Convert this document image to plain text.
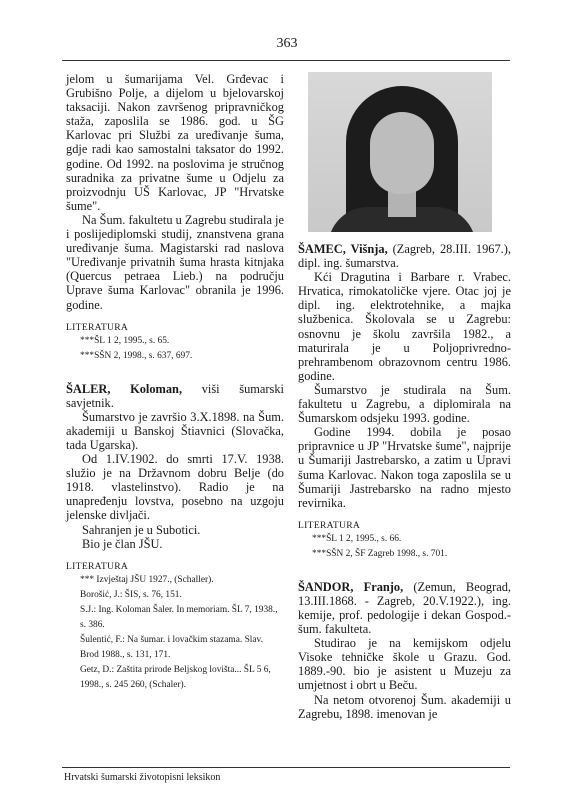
363

jelom u šumarijama Vel. Grđevac i Grubišno Polje, a dijelom u bjelovarskoj taksaciji. Nakon završenog pripravničkog staža, zaposlila se 1986. god. u ŠG Karlovac pri Službi za uređivanje šuma, gdje radi kao samostalni taksator do 1992. godine. Od 1992. na poslovima je stručnog suradnika za privatne šume u Odjelu za proizvodnju UŠ Karlovac, JP "Hrvatske šume".

Na Šum. fakultetu u Zagrebu studirala je i poslijediplomski studij, znanstvena grana uređivanje šuma. Magistarski rad naslova "Uređivanje privatnih šuma hrasta kitnjaka (Quercus petraea Lieb.) na području Uprave šuma Karlovac" obranila je 1996. godine.

LITERATURA
***ŠL 1 2, 1995., s. 65.
***SŠN 2, 1998., s. 637, 697.

ŠALER, Koloman, viši šumarski savjetnik.

Šumarstvo je završio 3.X.1898. na Šum. akademiji u Banskoj Štiavnici (Slovačka, tada Ugarska).

Od 1.IV.1902. do smrti 17.V. 1938. služio je na Državnom dobru Belje (do 1918. vlastelinstvo). Radio je na unapređenju lovstva, posebno na uzgoju jelenske divljači.

Sahranjen je u Subotici.

Bio je član JŠU.

LITERATURA
*** Izvještaj JŠU 1927., (Schaller).
Borošić, J.: ŠIS, s. 76, 151.
S.J.: Ing. Koloman Šaler. In memoriam. ŠL 7, 1938., s. 386.
Šulentić, F.: Na šumar. i lovačkim stazama. Slav. Brod 1988., s. 131, 171.
Getz, D.: Zaštita prirode Beljskog lovišta... ŠL 5 6, 1998., s. 245 260, (Schaler).

ŠAMEC, Višnja, (Zagreb, 28.III. 1967.), dipl. ing. šumarstva.

Kći Dragutina i Barbare r. Vrabec. Hrvatica, rimokatoličke vjere. Otac joj je dipl. ing. elektrotehnike, a majka službenica. Školovala se u Zagrebu: osnovnu je školu završila 1982., a maturirala je u Poljoprivredno-prehrambenom obrazovnom centru 1986. godine.

Šumarstvo je studirala na Šum. fakultetu u Zagrebu, a diplomirala na Šumarskom odsjeku 1993. godine.

Godine 1994. dobila je posao pripravnice u JP "Hrvatske šume", najprije u Šumariji Jastrebarsko, a zatim u Upravi šuma Karlovac. Nakon toga zaposlila se u Šumariji Jastrebarsko na radno mjesto revirnika.

LITERATURA
***ŠL 1 2, 1995., s. 66.
***SŠN 2, ŠF Zagreb 1998., s. 701.

ŠANDOR, Franjo, (Zemun, Beograd, 13.III.1868. - Zagreb, 20.V.1922.), ing. kemije, prof. pedologije i dekan Gospod.-šum. fakulteta.

Studirao je na kemijskom odjelu Visoke tehničke škole u Grazu. God. 1889.-90. bio je asistent u Muzeju za umjetnost i obrt u Beču.

Na netom otvorenoj Šum. akademiji u Zagrebu, 1898. imenovan je

Hrvatski šumarski životopisni leksikon
